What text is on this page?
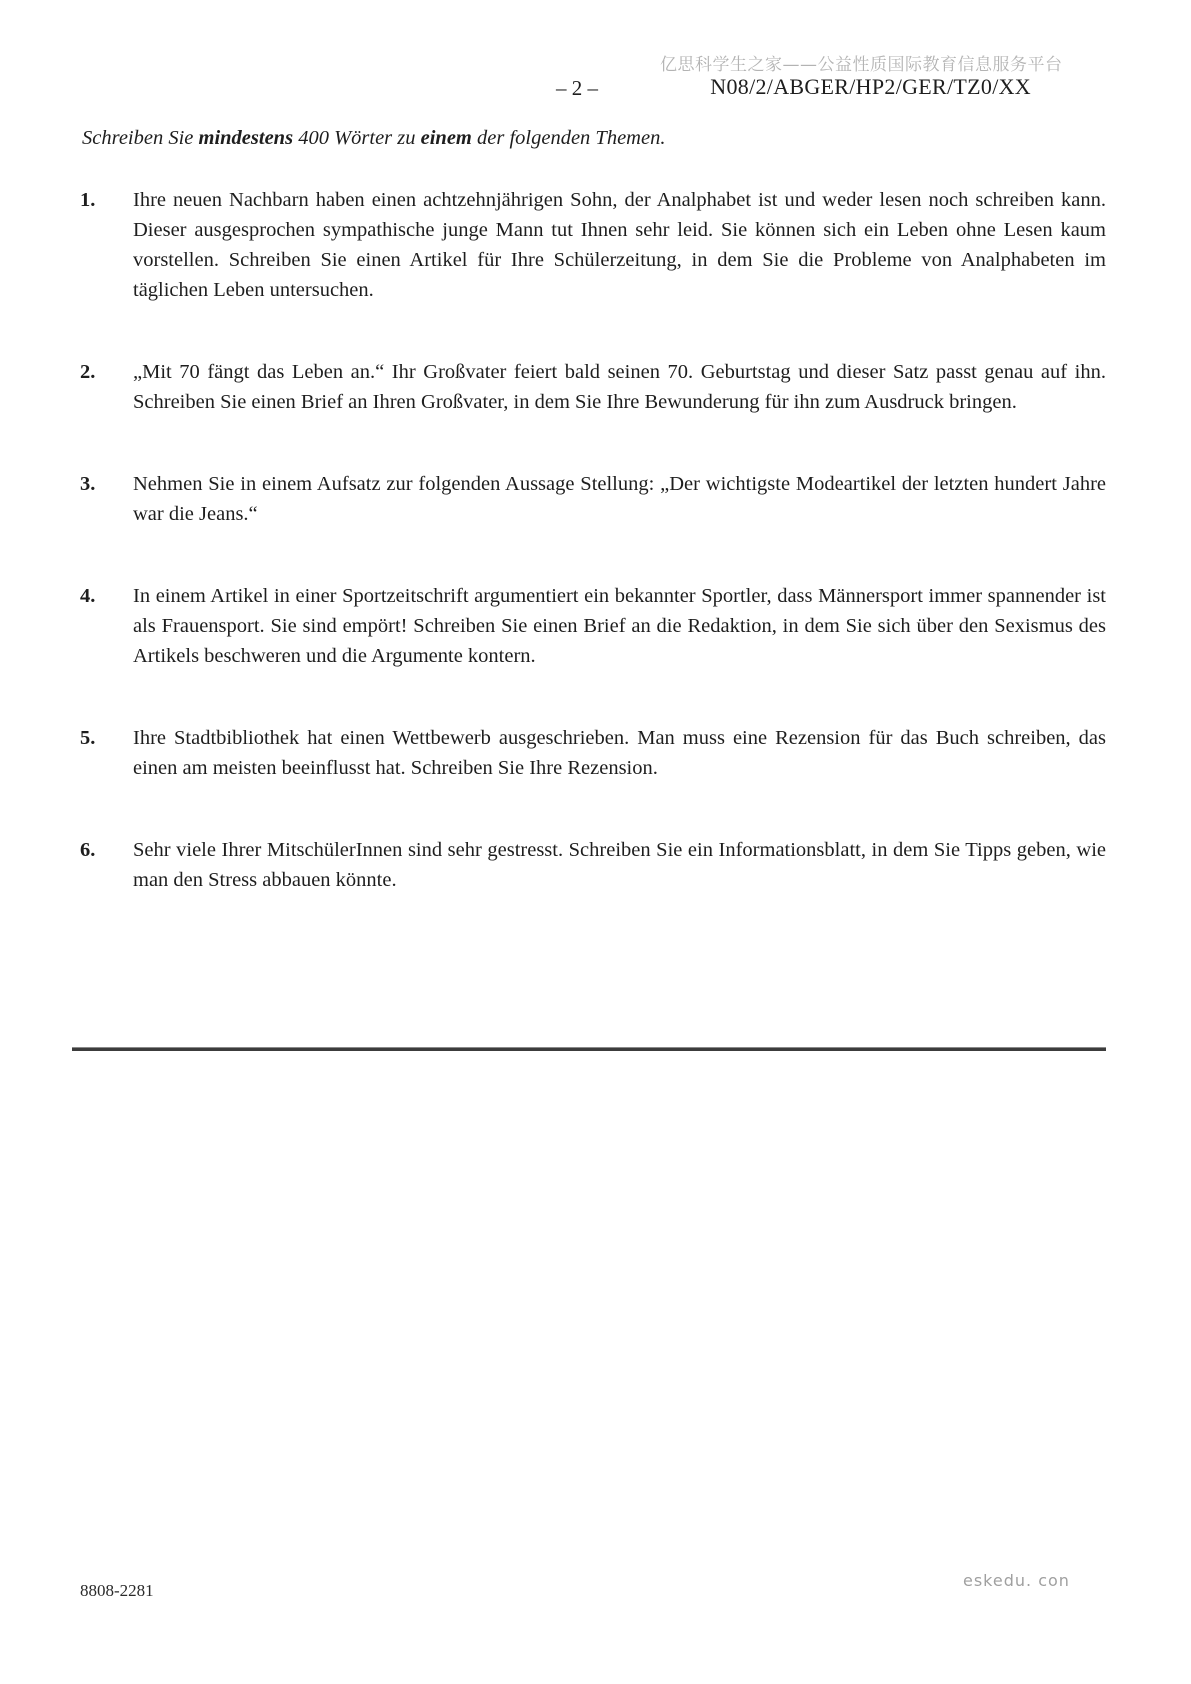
亿思科学生之家——公益性质国际教育信息服务平台
– 2 –	N08/2/ABGER/HP2/GER/TZ0/XX
Schreiben Sie mindestens 400 Wörter zu einem der folgenden Themen.
1.	Ihre neuen Nachbarn haben einen achtzehnjährigen Sohn, der Analphabet ist und weder lesen noch schreiben kann. Dieser ausgesprochen sympathische junge Mann tut Ihnen sehr leid. Sie können sich ein Leben ohne Lesen kaum vorstellen. Schreiben Sie einen Artikel für Ihre Schülerzeitung, in dem Sie die Probleme von Analphabeten im täglichen Leben untersuchen.
2.	„Mit 70 fängt das Leben an.“ Ihr Großvater feiert bald seinen 70. Geburtstag und dieser Satz passt genau auf ihn. Schreiben Sie einen Brief an Ihren Großvater, in dem Sie Ihre Bewunderung für ihn zum Ausdruck bringen.
3.	Nehmen Sie in einem Aufsatz zur folgenden Aussage Stellung: „Der wichtigste Modeartikel der letzten hundert Jahre war die Jeans.“
4.	In einem Artikel in einer Sportzeitschrift argumentiert ein bekannter Sportler, dass Männersport immer spannender ist als Frauensport. Sie sind empört! Schreiben Sie einen Brief an die Redaktion, in dem Sie sich über den Sexismus des Artikels beschweren und die Argumente kontern.
5.	Ihre Stadtbibliothek hat einen Wettbewerb ausgeschrieben. Man muss eine Rezension für das Buch schreiben, das einen am meisten beeinflusst hat. Schreiben Sie Ihre Rezension.
6.	Sehr viele Ihrer MitschülerInnen sind sehr gestresst. Schreiben Sie ein Informationsblatt, in dem Sie Tipps geben, wie man den Stress abbauen könnte.
8808-2281
eskedu. con
